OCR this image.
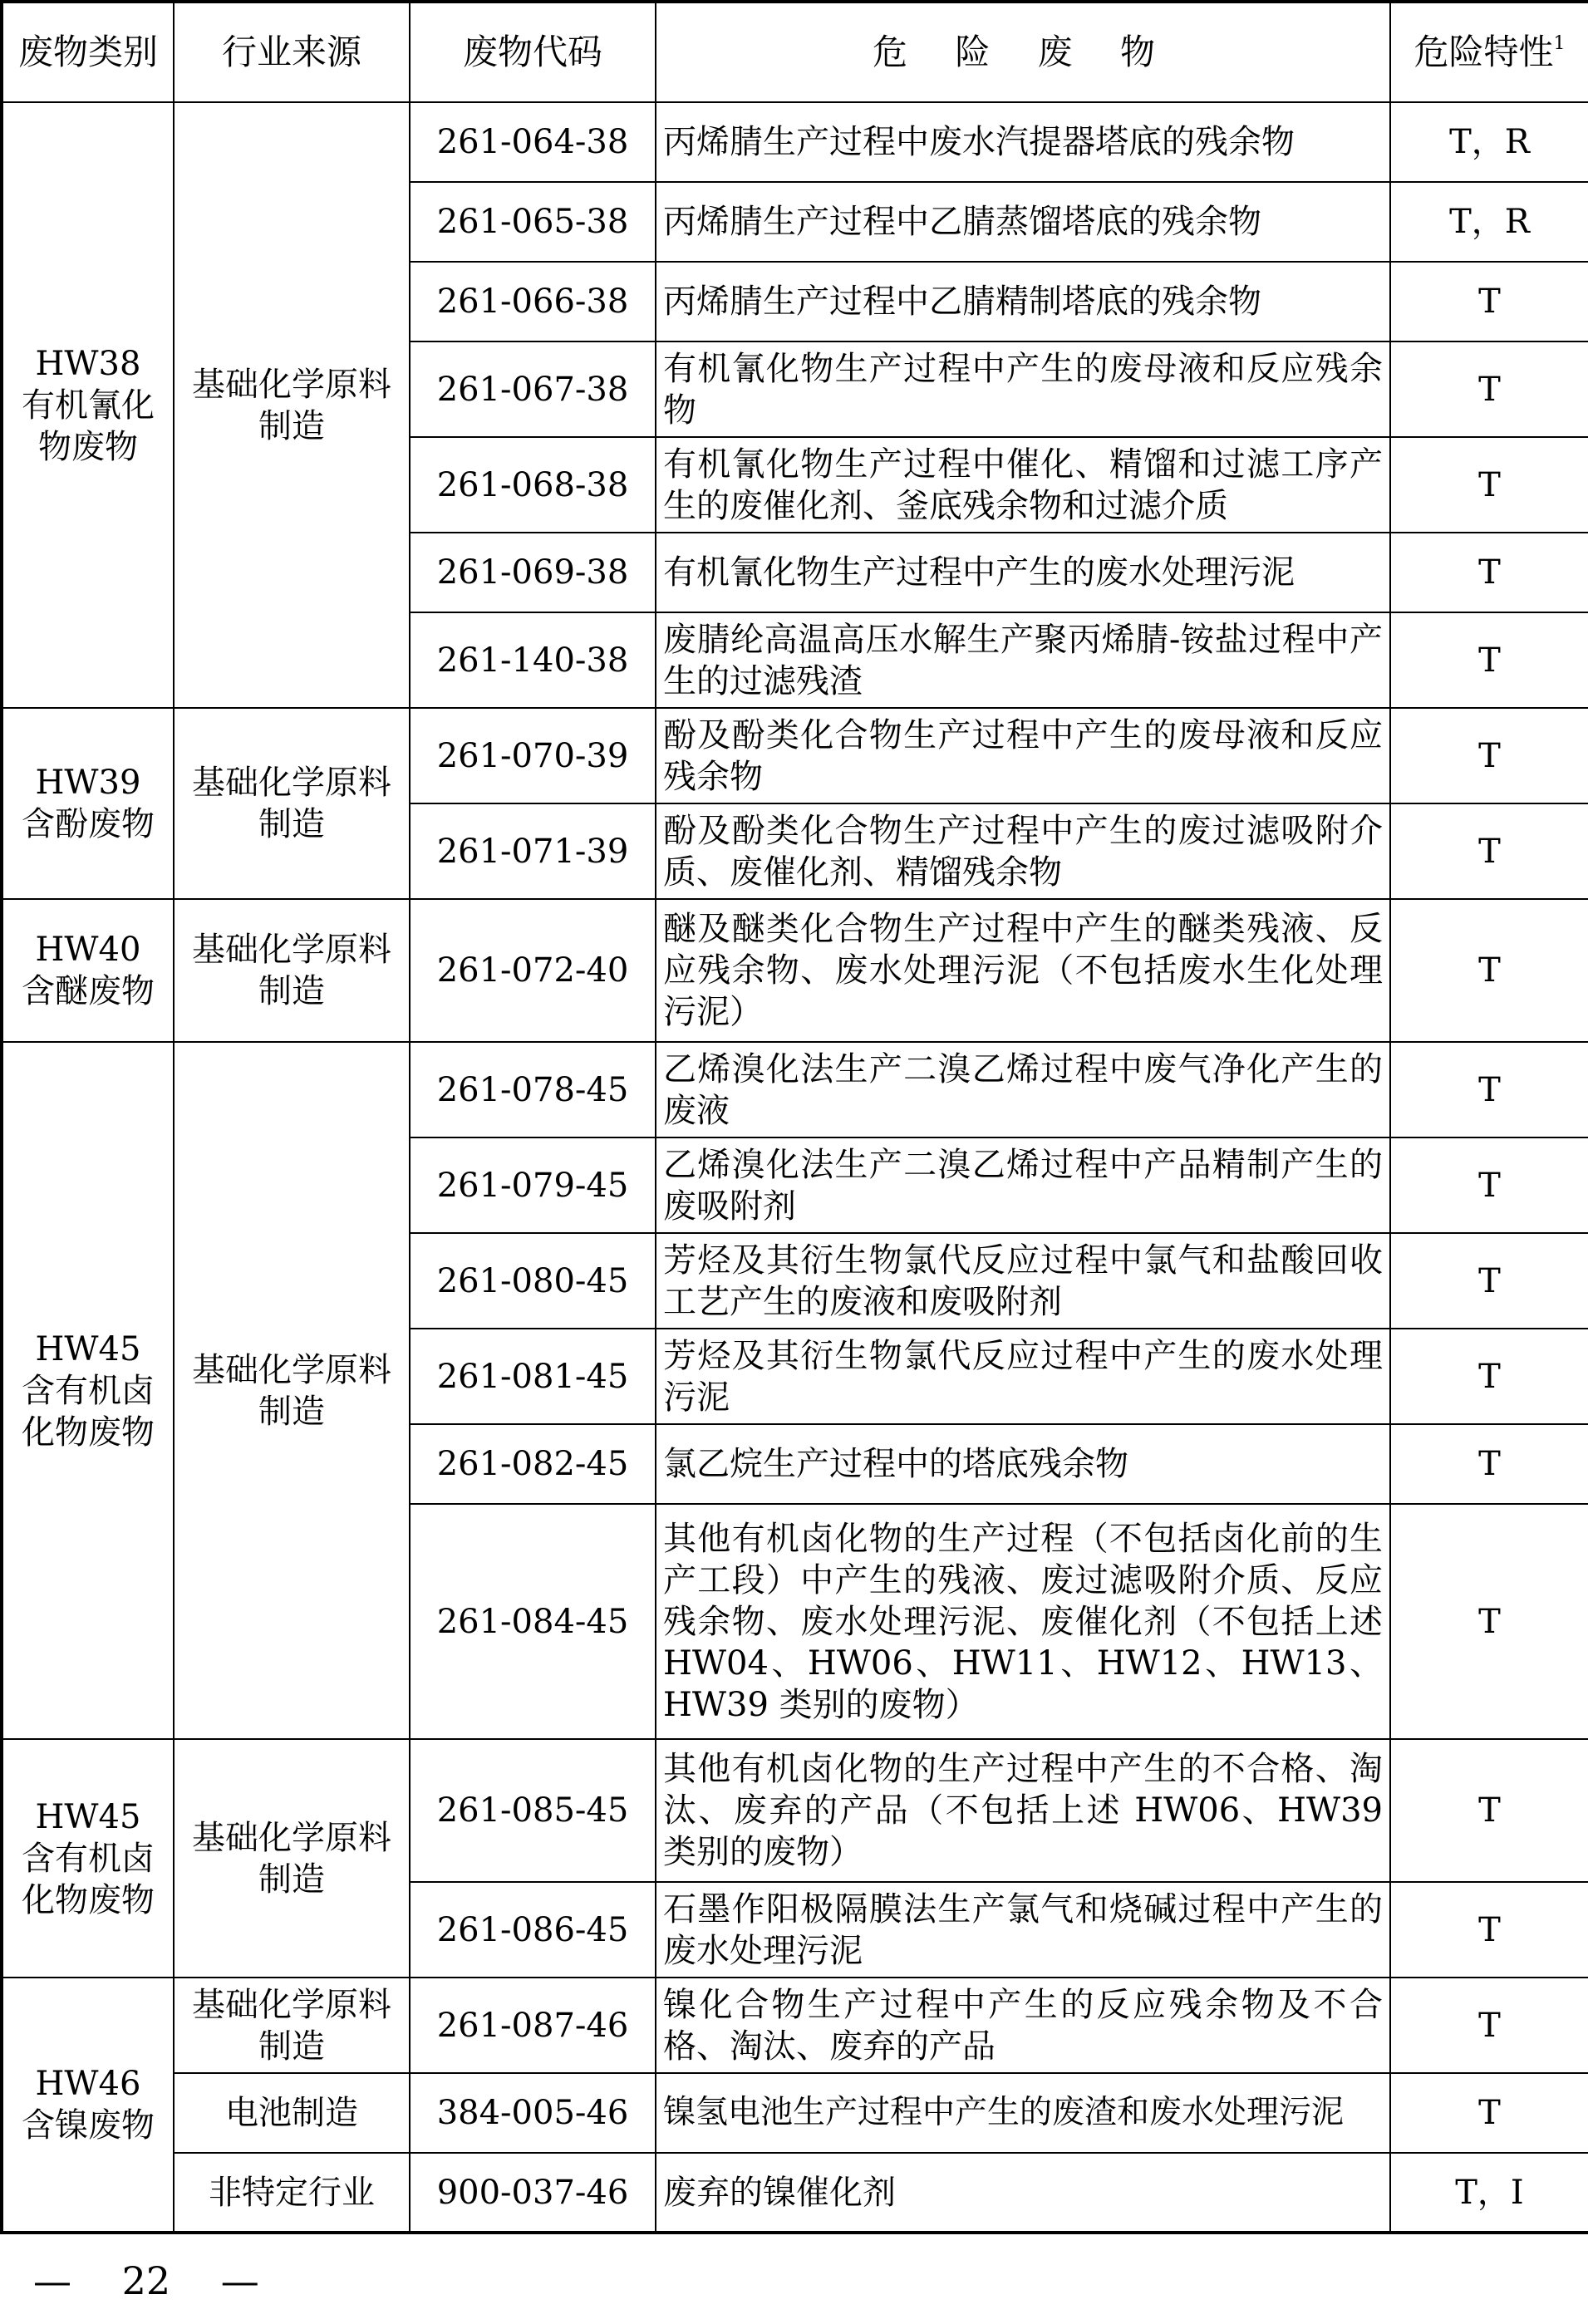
废物类别	行业来源	废物代码	危 险 废 物	危险特性$^1$

HW38
有机氰化物废物	基础化学原料制造	261-064-38	丙烯腈生产过程中废水汽提器塔底的残余物	T，R
		261-065-38	丙烯腈生产过程中乙腈蒸馏塔底的残余物	T，R
		261-066-38	丙烯腈生产过程中乙腈精制塔底的残余物	T
		261-067-38	有机氰化物生产过程中产生的废母液和反应残余物	T
		261-068-38	有机氰化物生产过程中催化、精馏和过滤工序产生的废催化剂、釜底残余物和过滤介质	T
		261-069-38	有机氰化物生产过程中产生的废水处理污泥	T
		261-140-38	废腈纶高温高压水解生产聚丙烯腈-铵盐过程中产生的过滤残渣	T

HW39
含酚废物	基础化学原料制造	261-070-39	酚及酚类化合物生产过程中产生的废母液和反应残余物	T
		261-071-39	酚及酚类化合物生产过程中产生的废过滤吸附介质、废催化剂、精馏残余物	T

HW40
含醚废物	基础化学原料制造	261-072-40	醚及醚类化合物生产过程中产生的醚类残液、反应残余物、废水处理污泥（不包括废水生化处理污泥）	T

HW45
含有机卤化物废物	基础化学原料制造	261-078-45	乙烯溴化法生产二溴乙烯过程中废气净化产生的废液	T
		261-079-45	乙烯溴化法生产二溴乙烯过程中产品精制产生的废吸附剂	T
		261-080-45	芳烃及其衍生物氯代反应过程中氯气和盐酸回收工艺产生的废液和废吸附剂	T
		261-081-45	芳烃及其衍生物氯代反应过程中产生的废水处理污泥	T
		261-082-45	氯乙烷生产过程中的塔底残余物	T
		261-084-45	其他有机卤化物的生产过程（不包括卤化前的生产工段）中产生的残液、废过滤吸附介质、反应残余物、废水处理污泥、废催化剂（不包括上述HW04、HW06、HW11、HW12、HW13、HW39 类别的废物）	T

HW45
含有机卤化物废物	基础化学原料制造	261-085-45	其他有机卤化物的生产过程中产生的不合格、淘汰、废弃的产品（不包括上述 HW06、HW39类别的废物）	T
		261-086-45	石墨作阳极隔膜法生产氯气和烧碱过程中产生的废水处理污泥	T

HW46
含镍废物	基础化学原料制造	261-087-46	镍化合物生产过程中产生的反应残余物及不合格、淘汰、废弃的产品	T
	电池制造	384-005-46	镍氢电池生产过程中产生的废渣和废水处理污泥	T
	非特定行业	900-037-46	废弃的镍催化剂	T，I
— 22 —
